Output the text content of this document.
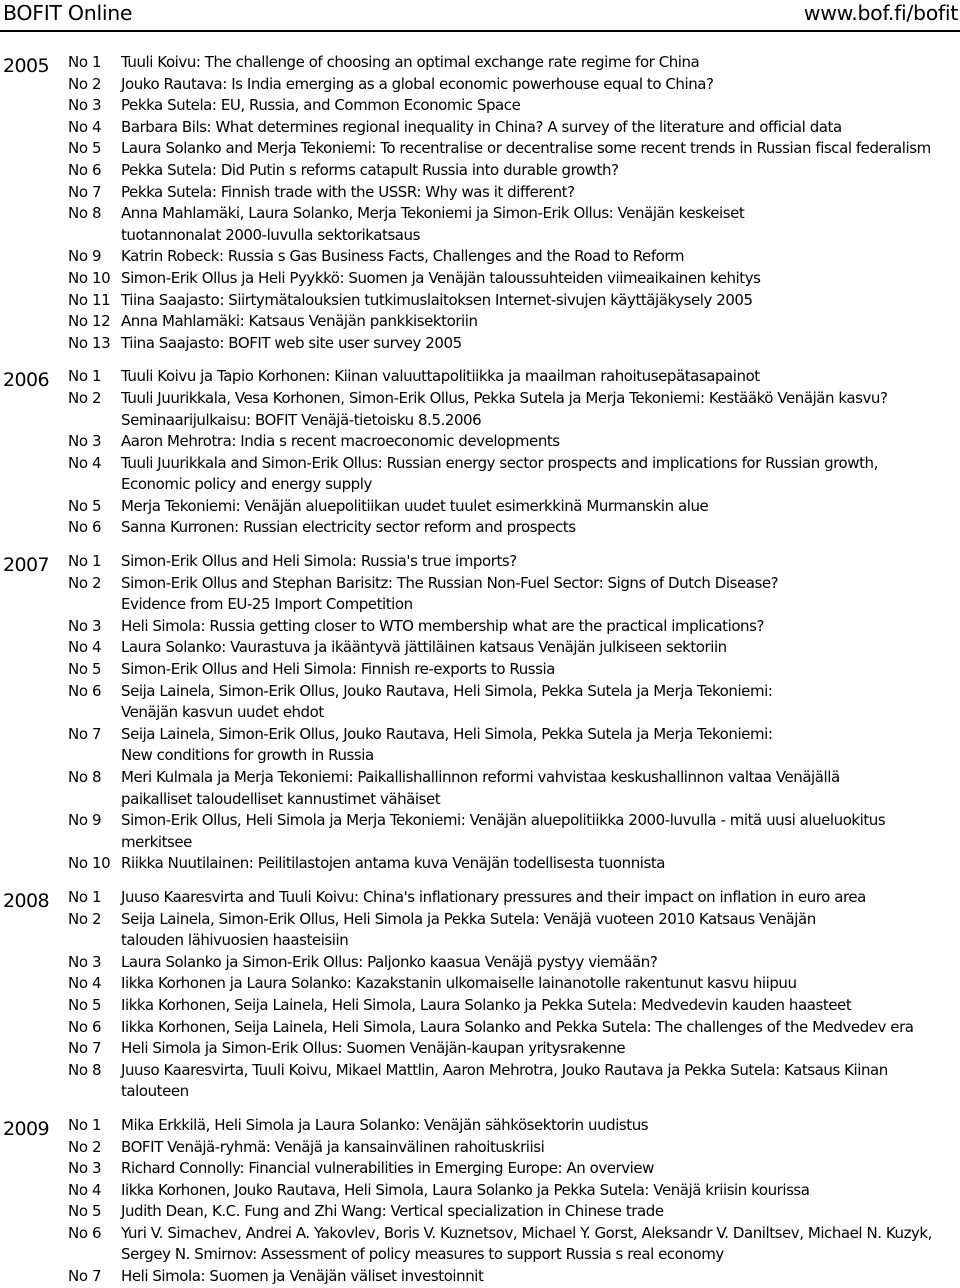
BOFIT Online	www.bof.fi/bofit
2005 No 1 Tuuli Koivu: The challenge of choosing an optimal exchange rate regime for China
No 2 Jouko Rautava: Is India emerging as a global economic powerhouse equal to China?
No 3 Pekka Sutela: EU, Russia, and Common Economic Space
No 4 Barbara Bils: What determines regional inequality in China? A survey of the literature and official data
No 5 Laura Solanko and Merja Tekoniemi: To recentralise or decentralise some recent trends in Russian fiscal federalism
No 6 Pekka Sutela: Did Putin s reforms catapult Russia into durable growth?
No 7 Pekka Sutela: Finnish trade with the USSR: Why was it different?
No 8 Anna Mahlamäki, Laura Solanko, Merja Tekoniemi ja Simon-Erik Ollus: Venäjän keskeiset
tuotannonalat 2000-luvulla sektorikatsaus
No 9 Katrin Robeck: Russia s Gas Business Facts, Challenges and the Road to Reform
No 10 Simon-Erik Ollus ja Heli Pyykkö: Suomen ja Venäjän taloussuhteiden viimeaikainen kehitys
No 11 Tiina Saajasto: Siirtymätalouksien tutkimuslaitoksen Internet-sivujen käyttäjäkysely 2005
No 12 Anna Mahlamäki: Katsaus Venäjän pankkisektoriin
No 13 Tiina Saajasto: BOFIT web site user survey 2005
2006 No 1 Tuuli Koivu ja Tapio Korhonen: Kiinan valuuttapolitiikka ja maailman rahoitusepätasapainot
No 2 Tuuli Juurikkala, Vesa Korhonen, Simon-Erik Ollus, Pekka Sutela ja Merja Tekoniemi: Kestääkö Venäjän kasvu?
Seminaarijulkaisu: BOFIT Venäjä-tietoisku 8.5.2006
No 3 Aaron Mehrotra: India s recent macroeconomic developments
No 4 Tuuli Juurikkala and Simon-Erik Ollus: Russian energy sector prospects and implications for Russian growth,
Economic policy and energy supply
No 5 Merja Tekoniemi: Venäjän aluepolitiikan uudet tuulet esimerkkinä Murmanskin alue
No 6 Sanna Kurronen: Russian electricity sector reform and prospects
2007 No 1 Simon-Erik Ollus and Heli Simola: Russia's true imports?
No 2 Simon-Erik Ollus and Stephan Barisitz: The Russian Non-Fuel Sector: Signs of Dutch Disease?
Evidence from EU-25 Import Competition
No 3 Heli Simola: Russia getting closer to WTO membership what are the practical implications?
No 4 Laura Solanko: Vaurastuva ja ikääntyvä jättiläinen katsaus Venäjän julkiseen sektoriin
No 5 Simon-Erik Ollus and Heli Simola: Finnish re-exports to Russia
No 6 Seija Lainela, Simon-Erik Ollus, Jouko Rautava, Heli Simola, Pekka Sutela ja Merja Tekoniemi:
Venäjän kasvun uudet ehdot
No 7 Seija Lainela, Simon-Erik Ollus, Jouko Rautava, Heli Simola, Pekka Sutela ja Merja Tekoniemi:
New conditions for growth in Russia
No 8 Meri Kulmala ja Merja Tekoniemi: Paikallishallinnon reformi vahvistaa keskushallinnon valtaa Venäjällä
paikalliset taloudelliset kannustimet vähäiset
No 9 Simon-Erik Ollus, Heli Simola ja Merja Tekoniemi: Venäjän aluepolitiikka 2000-luvulla - mitä uusi alueluokitus merkitsee
No 10 Riikka Nuutilainen: Peilitilastojen antama kuva Venäjän todellisesta tuonnista
2008 No 1 Juuso Kaaresvirta and Tuuli Koivu: China's inflationary pressures and their impact on inflation in euro area
No 2 Seija Lainela, Simon-Erik Ollus, Heli Simola ja Pekka Sutela: Venäjä vuoteen 2010 Katsaus Venäjän
talouden lähivuosien haasteisiin
No 3 Laura Solanko ja Simon-Erik Ollus: Paljonko kaasua Venäjä pystyy viemään?
No 4 Iikka Korhonen ja Laura Solanko: Kazakstanin ulkomaiselle lainanotolle rakentunut kasvu hiipuu
No 5 Iikka Korhonen, Seija Lainela, Heli Simola, Laura Solanko ja Pekka Sutela: Medvedevin kauden haasteet
No 6 Iikka Korhonen, Seija Lainela, Heli Simola, Laura Solanko and Pekka Sutela: The challenges of the Medvedev era
No 7 Heli Simola ja Simon-Erik Ollus: Suomen Venäjän-kaupan yritysrakenne
No 8 Juuso Kaaresvirta, Tuuli Koivu, Mikael Mattlin, Aaron Mehrotra, Jouko Rautava ja Pekka Sutela: Katsaus Kiinan talouteen
2009 No 1 Mika Erkkilä, Heli Simola ja Laura Solanko: Venäjän sähkösektorin uudistus
No 2 BOFIT Venäjä-ryhmä: Venäjä ja kansainvälinen rahoituskriisi
No 3 Richard Connolly: Financial vulnerabilities in Emerging Europe: An overview
No 4 Iikka Korhonen, Jouko Rautava, Heli Simola, Laura Solanko ja Pekka Sutela: Venäjä kriisin kourissa
No 5 Judith Dean, K.C. Fung and Zhi Wang: Vertical specialization in Chinese trade
No 6 Yuri V. Simachev, Andrei A. Yakovlev, Boris V. Kuznetsov, Michael Y. Gorst, Aleksandr V. Daniltsev, Michael N. Kuzyk,
Sergey N. Smirnov: Assessment of policy measures to support Russia s real economy
No 7 Heli Simola: Suomen ja Venäjän väliset investoinnit
